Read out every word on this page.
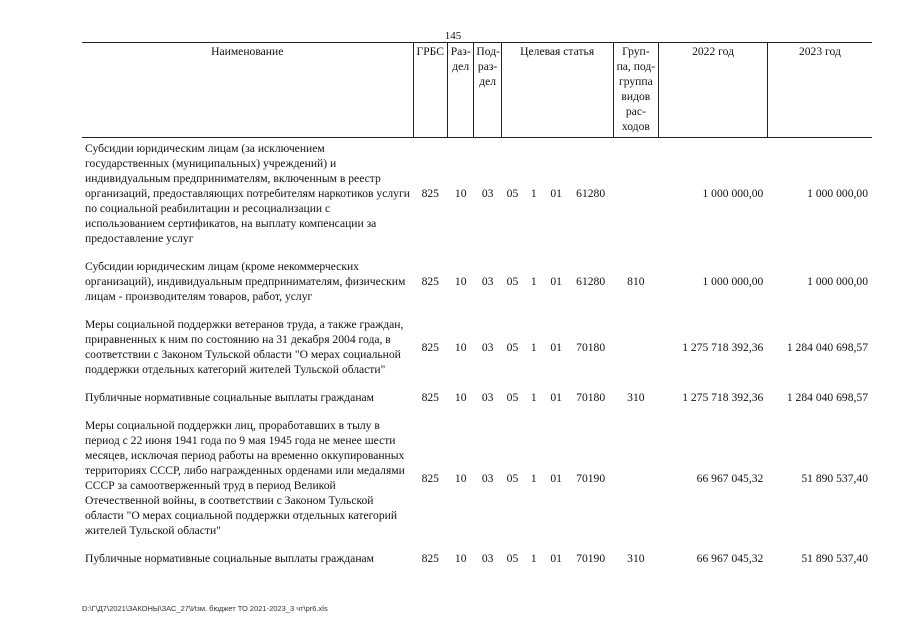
145
Наименование	ГРБС	Раз-дел	Под-раз-дел	Целевая статья				Груп-па, под-группа видов рас-ходов	2022 год	2023 год
Субсидии юридическим лицам (за исключением государственных (муниципальных) учреждений) и индивидуальным предпринимателям, включенным в реестр организаций, предоставляющих потребителям наркотиков услуги по социальной реабилитации и ресоциализации с использованием сертификатов, на выплату компенсации за предоставление услуг	825	10	03	05	1	01	61280		1 000 000,00	1 000 000,00
Субсидии юридическим лицам (кроме некоммерческих организаций), индивидуальным предпринимателям, физическим лицам - производителям товаров, работ, услуг	825	10	03	05	1	01	61280	810	1 000 000,00	1 000 000,00
Меры социальной поддержки ветеранов труда, а также граждан, приравненных к ним по состоянию на 31 декабря 2004 года, в соответствии с Законом Тульской области "О мерах социальной поддержки отдельных категорий жителей Тульской области"	825	10	03	05	1	01	70180		1 275 718 392,36	1 284 040 698,57
Публичные нормативные социальные выплаты гражданам	825	10	03	05	1	01	70180	310	1 275 718 392,36	1 284 040 698,57
Меры социальной поддержки лиц, проработавших в тылу в период с 22 июня 1941 года по 9 мая 1945 года не менее шести месяцев, исключая период работы на временно оккупированных территориях СССР, либо награжденных орденами или медалями СССР за самоотверженный труд в период Великой Отечественной войны, в соответствии с Законом Тульской области "О мерах социальной поддержки отдельных категорий жителей Тульской области"	825	10	03	05	1	01	70190		66 967 045,32	51 890 537,40
Публичные нормативные социальные выплаты гражданам	825	10	03	05	1	01	70190	310	66 967 045,32	51 890 537,40
D:\Г\Д7\2021\ЗАКОНЫ\ЗАС_27\Изм. бюджет ТО 2021-2023_3 чт\pr6.xls
